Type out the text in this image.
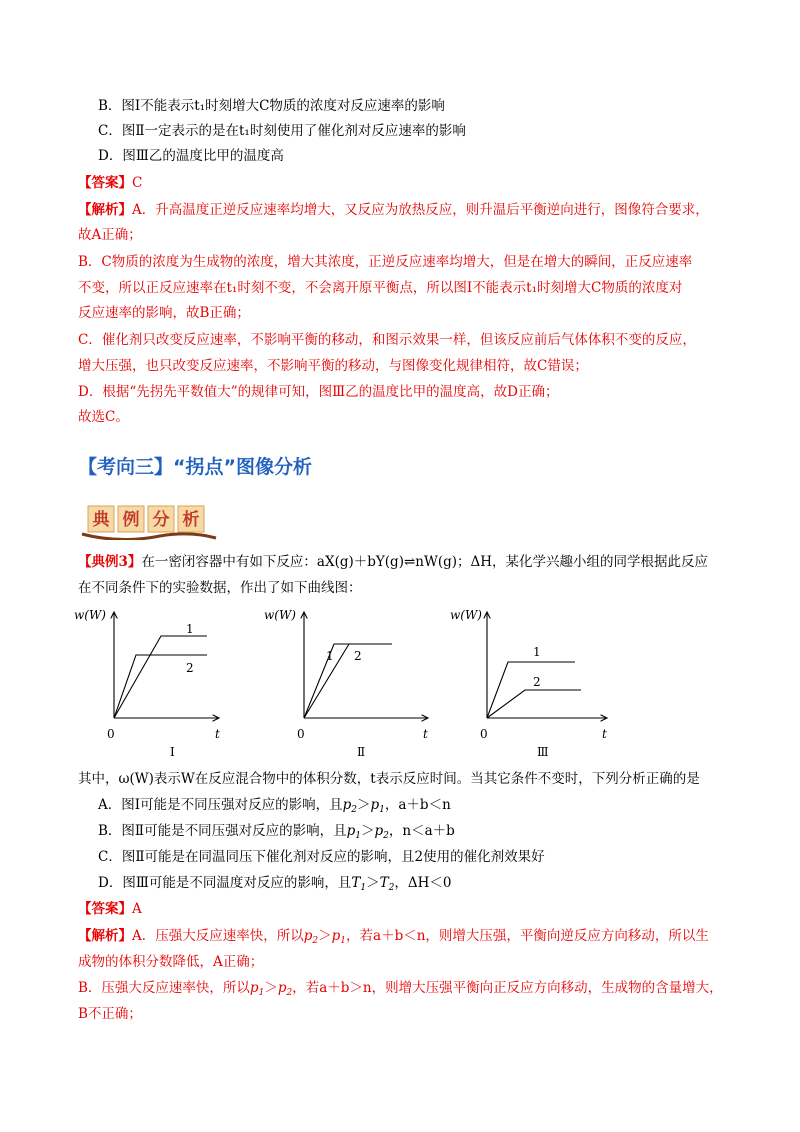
B．图Ⅰ不能表示t₁时刻增大C物质的浓度对反应速率的影响
C．图Ⅱ一定表示的是在t₁时刻使用了催化剂对反应速率的影响
D．图Ⅲ乙的温度比甲的温度高
【答案】C
【解析】A．升高温度正逆反应速率均增大，又反应为放热反应，则升温后平衡逆向进行，图像符合要求，
故A正确；
B．C物质的浓度为生成物的浓度，增大其浓度，正逆反应速率均增大，但是在增大的瞬间，正反应速率
不变，所以正反应速率在t₁时刻不变，不会离开原平衡点，所以图Ⅰ不能表示t₁时刻增大C物质的浓度对
反应速率的影响，故B正确；
C．催化剂只改变反应速率，不影响平衡的移动，和图示效果一样，但该反应前后气体体积不变的反应，
增大压强，也只改变反应速率，不影响平衡的移动，与图像变化规律相符，故C错误；
D．根据“先拐先平数值大”的规律可知，图Ⅲ乙的温度比甲的温度高，故D正确；
故选C。
【考向三】“拐点”图像分析
典 例 分 析
【典例3】在一密闭容器中有如下反应：aX(g)＋bY(g)⇌nW(g)；ΔH，某化学兴趣小组的同学根据此反应
在不同条件下的实验数据，作出了如下曲线图：
w(W)
1
2
0	t
Ⅰ
w(W)
1 2
0	t
Ⅱ
w(W)
1
2
0	t
Ⅲ
其中，ω(W)表示W在反应混合物中的体积分数，t表示反应时间。当其它条件不变时，下列分析正确的是
A．图Ⅰ可能是不同压强对反应的影响，且$p_2>p_1$，a＋b＜n
B．图Ⅱ可能是不同压强对反应的影响，且$p_1>p_2$，n＜a＋b
C．图Ⅱ可能是在同温同压下催化剂对反应的影响，且2使用的催化剂效果好
D．图Ⅲ可能是不同温度对反应的影响，且$T_1>T_2$，ΔH＜0
【答案】A
【解析】A．压强大反应速率快，所以$p_2>p_1$，若a＋b＜n，则增大压强，平衡向逆反应方向移动，所以生
成物的体积分数降低，A正确；
B．压强大反应速率快，所以$p_1>p_2$，若a＋b＞n，则增大压强平衡向正反应方向移动，生成物的含量增大，
B不正确；
